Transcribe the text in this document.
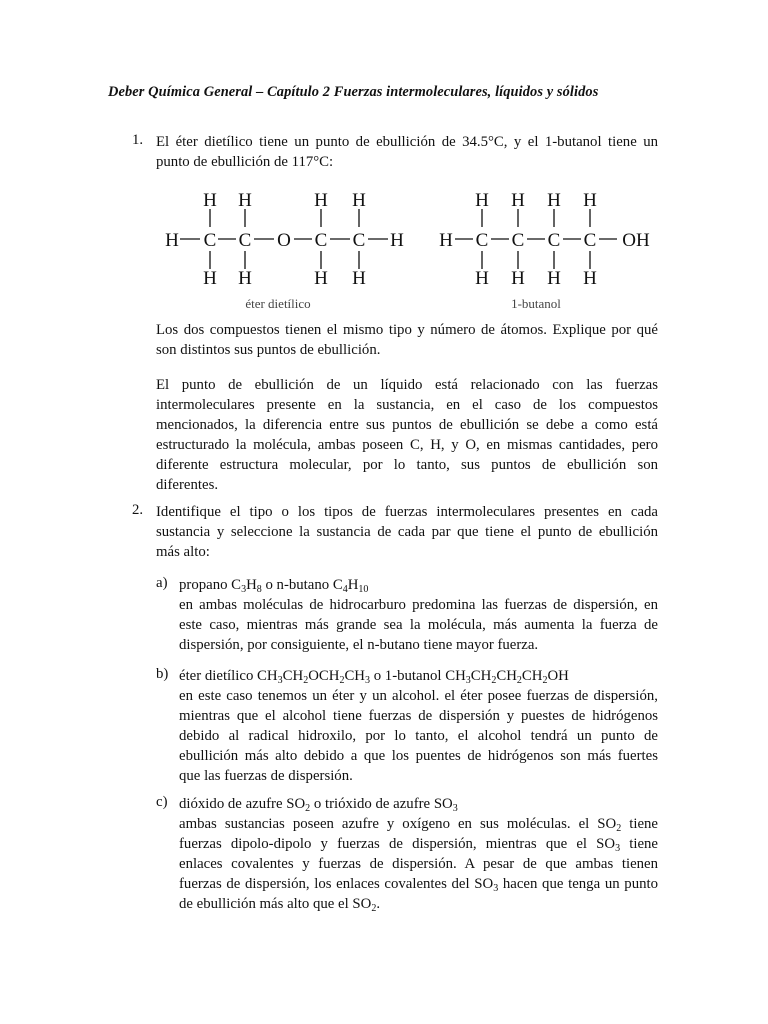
Deber Química General – Capítulo 2 Fuerzas intermoleculares, líquidos y sólidos
1. El éter dietílico tiene un punto de ebullición de 34.5°C, y el 1-butanol tiene un
punto de ebullición de 117°C:
H H	H H
H C C O C C H
H H	H H
éter dietílico
H H H H
H C C C C OH
H H H H
1-butanol
Los dos compuestos tienen el mismo tipo y número de átomos. Explique por qué
son distintos sus puntos de ebullición.
El punto de ebullición de un líquido está relacionado con las fuerzas
intermoleculares presente en la sustancia, en el caso de los compuestos
mencionados, la diferencia entre sus puntos de ebullición se debe a como está
estructurado la molécula, ambas poseen C, H, y O, en mismas cantidades, pero
diferente estructura molecular, por lo tanto, sus puntos de ebullición son
diferentes.
2. Identifique el tipo o los tipos de fuerzas intermoleculares presentes en cada
sustancia y seleccione la sustancia de cada par que tiene el punto de ebullición
más alto:
a) propano $C_3H_8$ o n-butano $C_4H_{10}$
en ambas moléculas de hidrocarburo predomina las fuerzas de dispersión, en
este caso, mientras más grande sea la molécula, más aumenta la fuerza de
dispersión, por consiguiente, el n-butano tiene mayor fuerza.
b) éter dietílico $CH_3CH_2OCH_2CH_3$ o 1-butanol $CH_3CH_2CH_2CH_2OH$
en este caso tenemos un éter y un alcohol. el éter posee fuerzas de dispersión,
mientras que el alcohol tiene fuerzas de dispersión y puestes de hidrógenos
debido al radical hidroxilo, por lo tanto, el alcohol tendrá un punto de
ebullición más alto debido a que los puentes de hidrógenos son más fuertes
que las fuerzas de dispersión.
c) dióxido de azufre $SO_2$ o trióxido de azufre $SO_3$
ambas sustancias poseen azufre y oxígeno en sus moléculas. el $SO_2$ tiene
fuerzas dipolo-dipolo y fuerzas de dispersión, mientras que el $SO_3$ tiene
enlaces covalentes y fuerzas de dispersión. A pesar de que ambas tienen
fuerzas de dispersión, los enlaces covalentes del $SO_3$ hacen que tenga un punto
de ebullición más alto que el $SO_2$.
